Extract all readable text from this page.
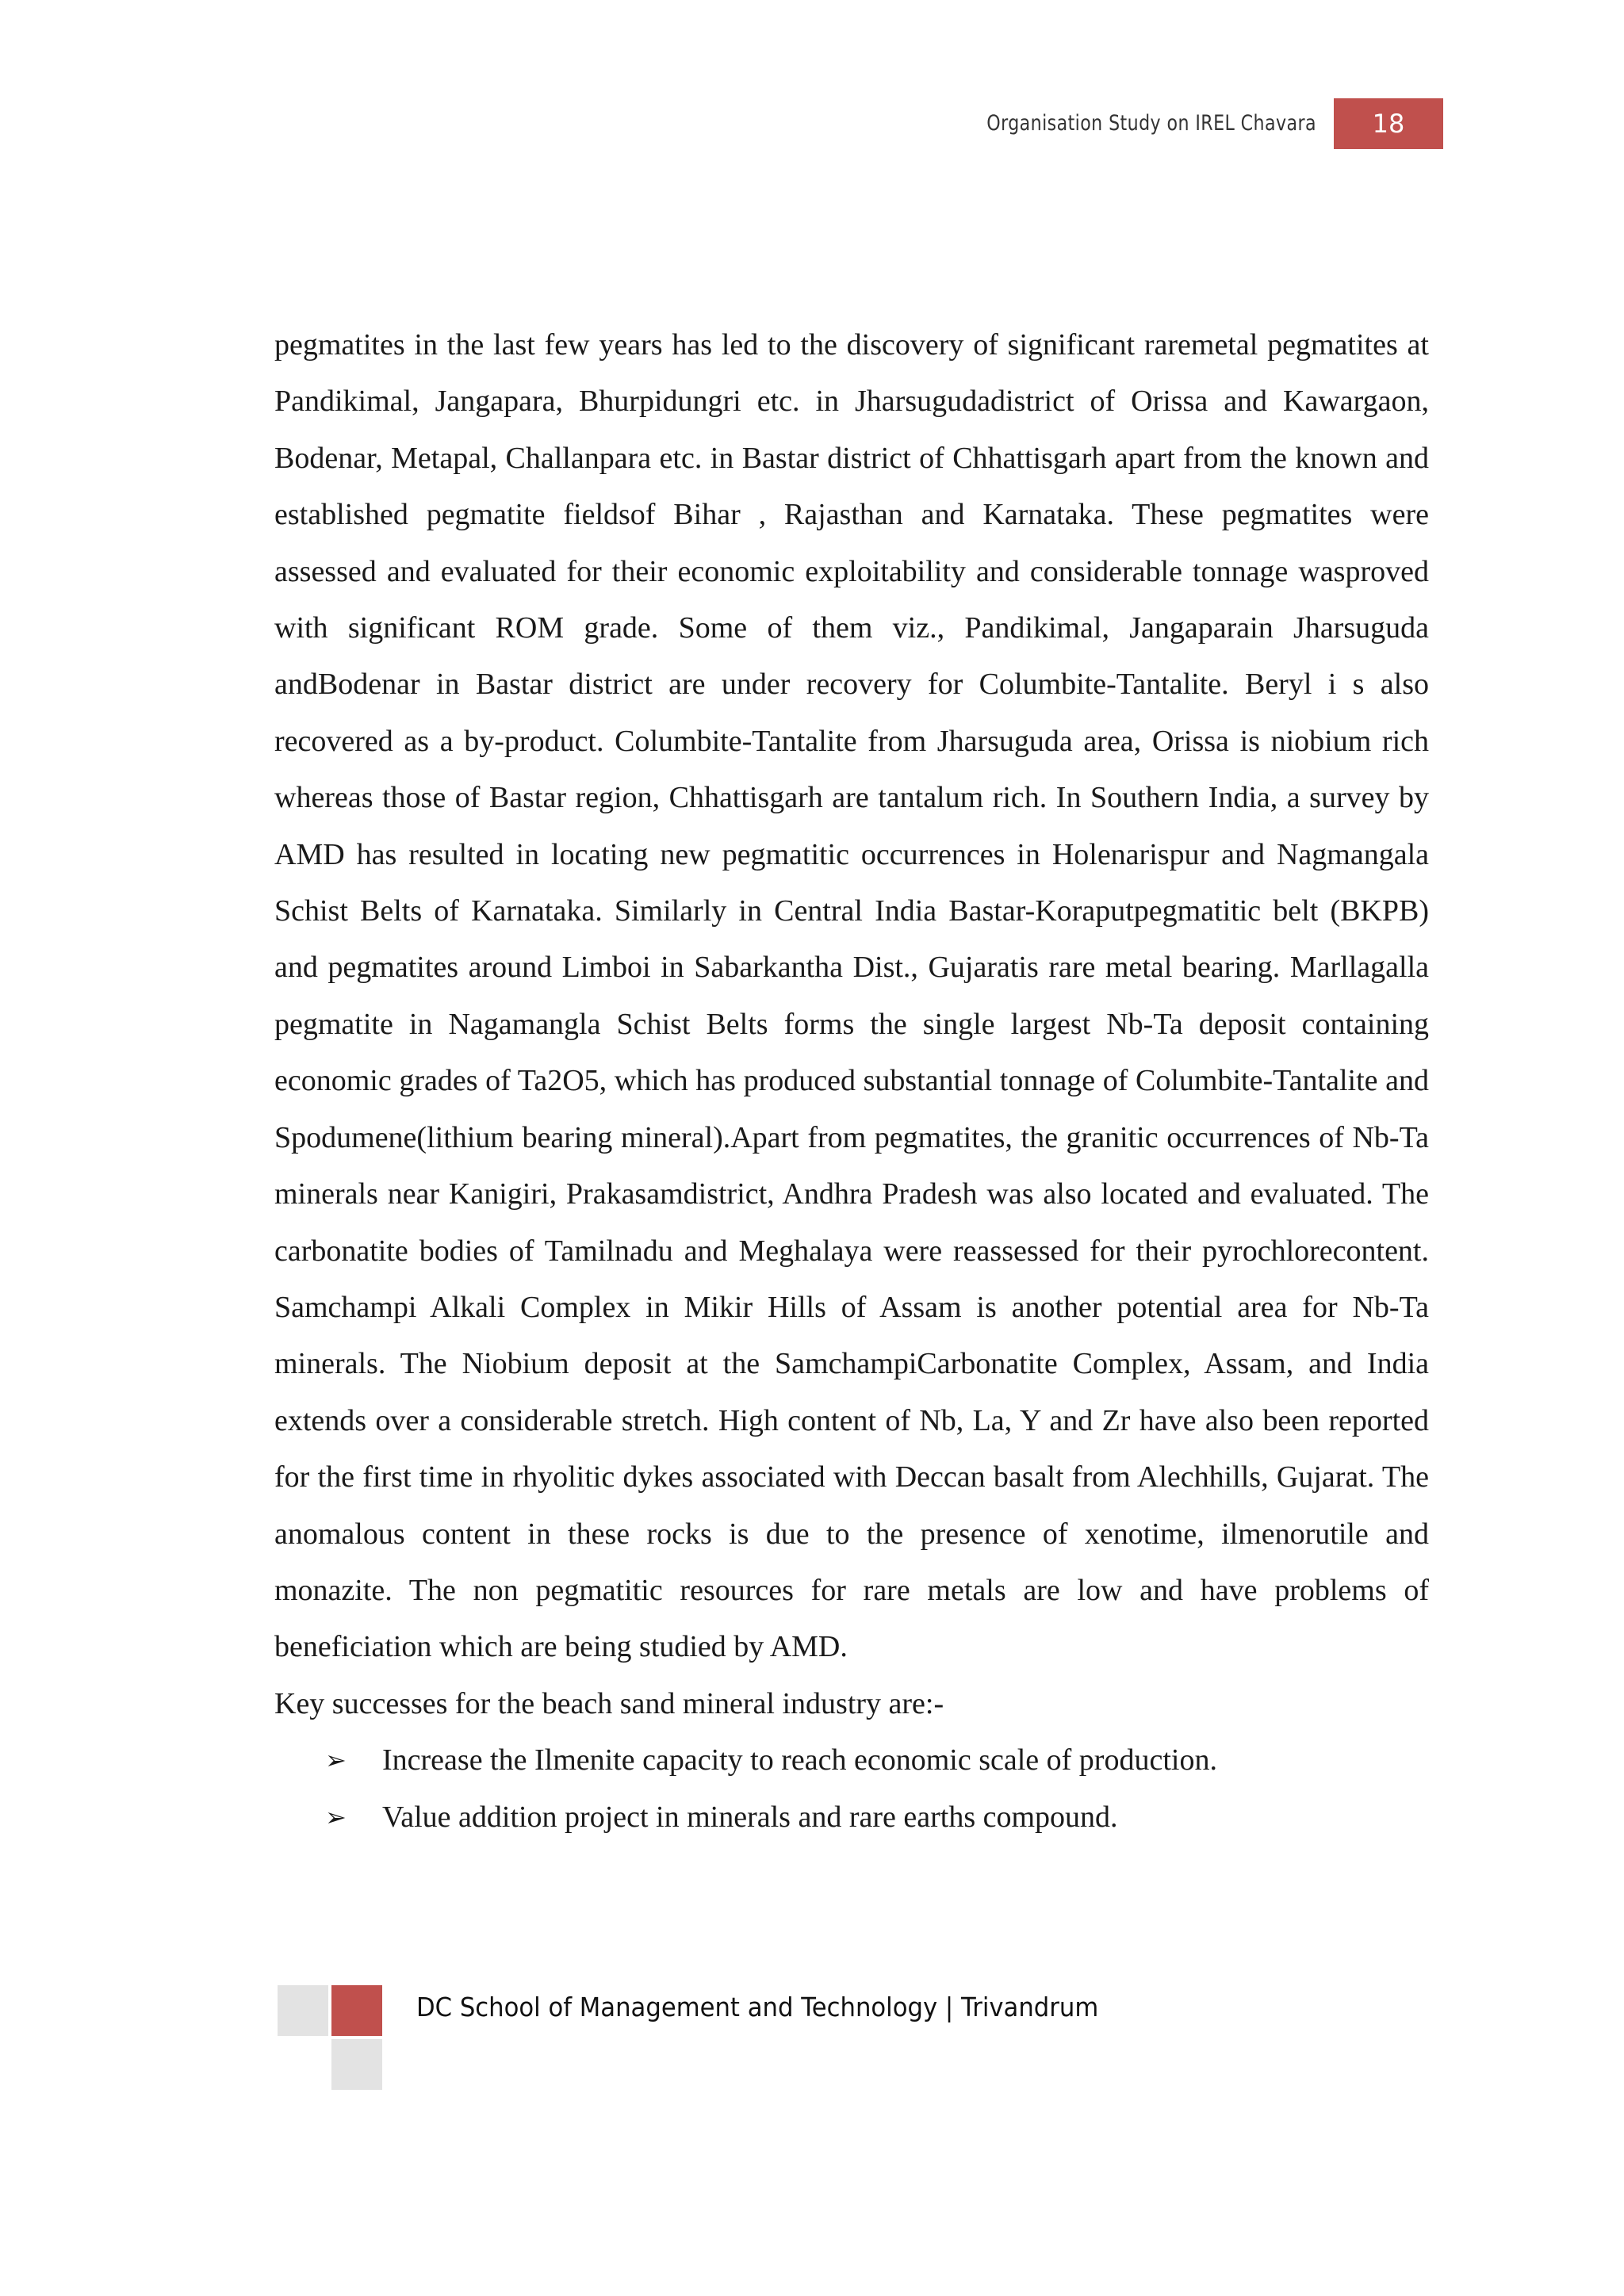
Organisation Study on IREL Chavara	18

pegmatites in the last few years has led to the discovery of significant raremetal pegmatites at Pandikimal, Jangapara, Bhurpidungri etc. in Jharsugudadistrict of Orissa and Kawargaon, Bodenar, Metapal, Challanpara etc. in Bastar district of Chhattisgarh apart from the known and established pegmatite fieldsof Bihar , Rajasthan and Karnataka. These pegmatites were assessed and evaluated for their economic exploitability and considerable tonnage wasproved with significant ROM grade. Some of them viz., Pandikimal, Jangaparain Jharsuguda andBodenar in Bastar district are under recovery for Columbite-Tantalite. Beryl i s also recovered as a by-product. Columbite-Tantalite from Jharsuguda area, Orissa is niobium rich whereas those of Bastar region, Chhattisgarh are tantalum rich. In Southern India, a survey by AMD has resulted in locating new pegmatitic occurrences in Holenarispur and Nagmangala Schist Belts of Karnataka. Similarly in Central India Bastar-Koraputpegmatitic belt (BKPB) and pegmatites around Limboi in Sabarkantha Dist., Gujaratis rare metal bearing. Marllagalla pegmatite in Nagamangla Schist Belts forms the single largest Nb-Ta deposit containing economic grades of Ta2O5, which has produced substantial tonnage of Columbite-Tantalite and Spodumene(lithium bearing mineral).Apart from pegmatites, the granitic occurrences of Nb-Ta minerals near Kanigiri, Prakasamdistrict, Andhra Pradesh was also located and evaluated. The carbonatite bodies of Tamilnadu and Meghalaya were reassessed for their pyrochlorecontent. Samchampi Alkali Complex in Mikir Hills of Assam is another potential area for Nb-Ta minerals. The Niobium deposit at the SamchampiCarbonatite Complex, Assam, and India extends over a considerable stretch. High content of Nb, La, Y and Zr have also been reported for the first time in rhyolitic dykes associated with Deccan basalt from Alechhills, Gujarat. The anomalous content in these rocks is due to the presence of xenotime, ilmenorutile and monazite. The non pegmatitic resources for rare metals are low and have problems of beneficiation which are being studied by AMD.

Key successes for the beach sand mineral industry are:-

➢ Increase the Ilmenite capacity to reach economic scale of production.
➢ Value addition project in minerals and rare earths compound.
DC School of Management and Technology | Trivandrum
